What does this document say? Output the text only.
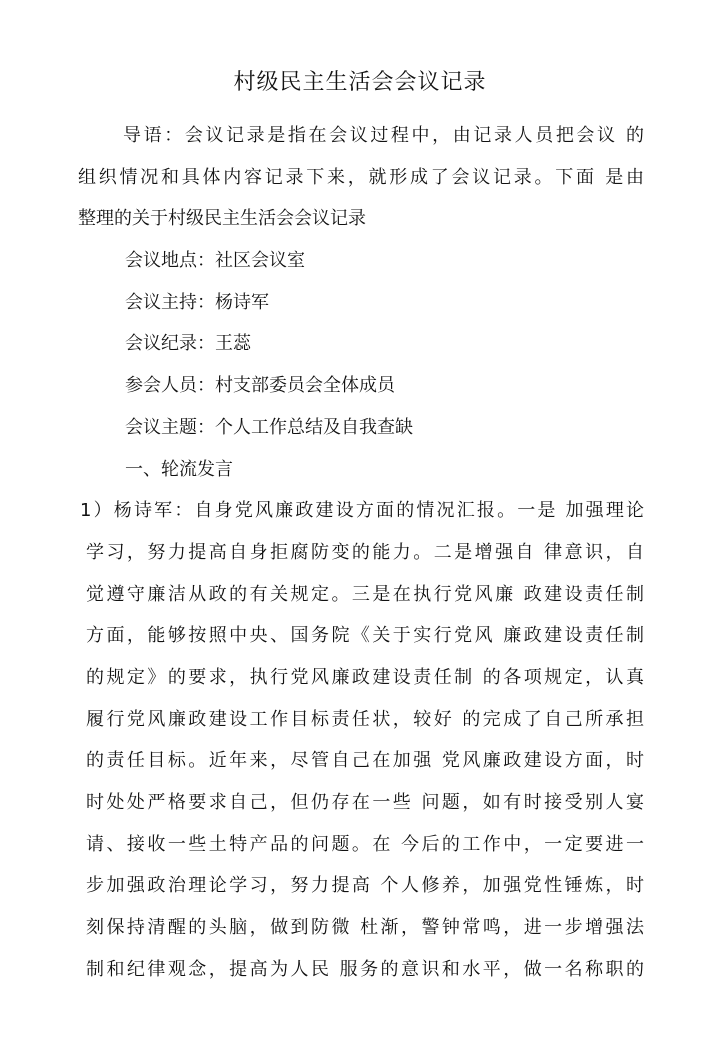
村级民主生活会会议记录
导语：会议记录是指在会议过程中，由记录人员把会议 的
组织情况和具体内容记录下来，就形成了会议记录。下面 是由
整理的关于村级民主生活会会议记录
会议地点：社区会议室
会议主持：杨诗军
会议纪录：王蕊
参会人员：村支部委员会全体成员
会议主题：个人工作总结及自我查缺
一、轮流发言
1）杨诗军：自身党风廉政建设方面的情况汇报。一是 加强理论
学习，努力提高自身拒腐防变的能力。二是增强自 律意识，自
觉遵守廉洁从政的有关规定。三是在执行党风廉 政建设责任制
方面，能够按照中央、国务院《关于实行党风 廉政建设责任制
的规定》的要求，执行党风廉政建设责任制 的各项规定，认真
履行党风廉政建设工作目标责任状，较好 的完成了自己所承担
的责任目标。近年来，尽管自己在加强 党风廉政建设方面，时
时处处严格要求自己，但仍存在一些 问题，如有时接受别人宴
请、接收一些土特产品的问题。在 今后的工作中，一定要进一
步加强政治理论学习，努力提高 个人修养，加强党性锤炼，时
刻保持清醒的头脑，做到防微 杜渐，警钟常鸣，进一步增强法
制和纪律观念，提高为人民 服务的意识和水平，做一名称职的
